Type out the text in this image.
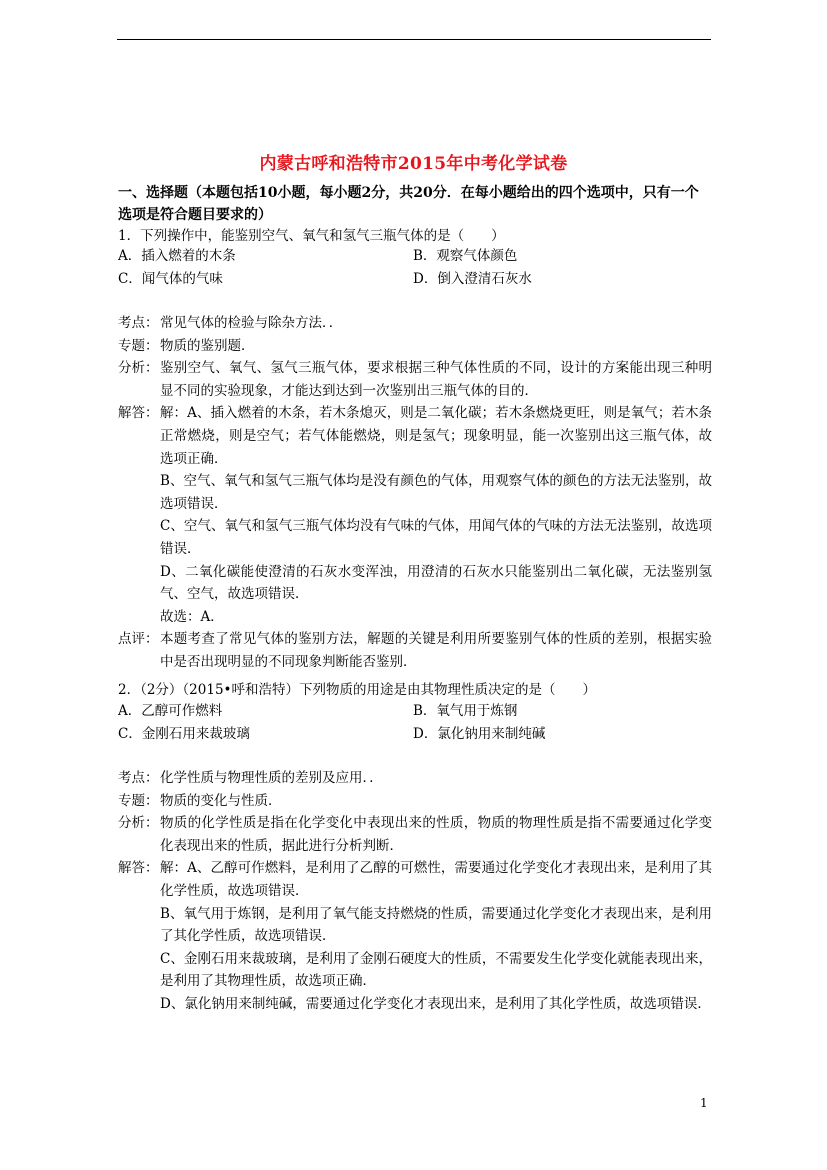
内蒙古呼和浩特市2015年中考化学试卷
一、选择题（本题包括10小题，每小题2分，共20分．在每小题给出的四个选项中，只有一个选项是符合题目要求的）
1．下列操作中，能鉴别空气、氧气和氢气三瓶气体的是（　　）
A．插入燃着的木条	B．观察气体颜色
C．闻气体的气味	D．倒入澄清石灰水
考点： 常见气体的检验与除杂方法．．

专题： 物质的鉴别题．

分析： 鉴别空气、氧气、氢气三瓶气体，要求根据三种气体性质的不同，设计的方案能出现三种明显不同的实验现象，才能达到达到一次鉴别出三瓶气体的目的．

解答： 解：A、插入燃着的木条，若木条熄灭，则是二氧化碳；若木条燃烧更旺，则是氧气；若木条正常燃烧，则是空气；若气体能燃烧，则是氢气；现象明显，能一次鉴别出这三瓶气体，故选项正确．

B、空气、氧气和氢气三瓶气体均是没有颜色的气体，用观察气体的颜色的方法无法鉴别，故选项错误．

C、空气、氧气和氢气三瓶气体均没有气味的气体，用闻气体的气味的方法无法鉴别，故选项错误．

D、二氧化碳能使澄清的石灰水变浑浊，用澄清的石灰水只能鉴别出二氧化碳，无法鉴别氢气、空气，故选项错误．

故选：A．

点评： 本题考查了常见气体的鉴别方法，解题的关键是利用所要鉴别气体的性质的差别，根据实验中是否出现明显的不同现象判断能否鉴别．

2．（2分）（2015•呼和浩特）下列物质的用途是由其物理性质决定的是（　　）
A．乙醇可作燃料	B．氧气用于炼钢
C．金刚石用来裁玻璃	D．氯化钠用来制纯碱
考点： 化学性质与物理性质的差别及应用．．

专题： 物质的变化与性质．

分析： 物质的化学性质是指在化学变化中表现出来的性质，物质的物理性质是指不需要通过化学变化表现出来的性质，据此进行分析判断．

解答： 解：A、乙醇可作燃料，是利用了乙醇的可燃性，需要通过化学变化才表现出来，是利用了其化学性质，故选项错误．

B、氧气用于炼钢，是利用了氧气能支持燃烧的性质，需要通过化学变化才表现出来，是利用了其化学性质，故选项错误．

C、金刚石用来裁玻璃，是利用了金刚石硬度大的性质，不需要发生化学变化就能表现出来，是利用了其物理性质，故选项正确．

D、氯化钠用来制纯碱，需要通过化学变化才表现出来，是利用了其化学性质，故选项错误．

1
